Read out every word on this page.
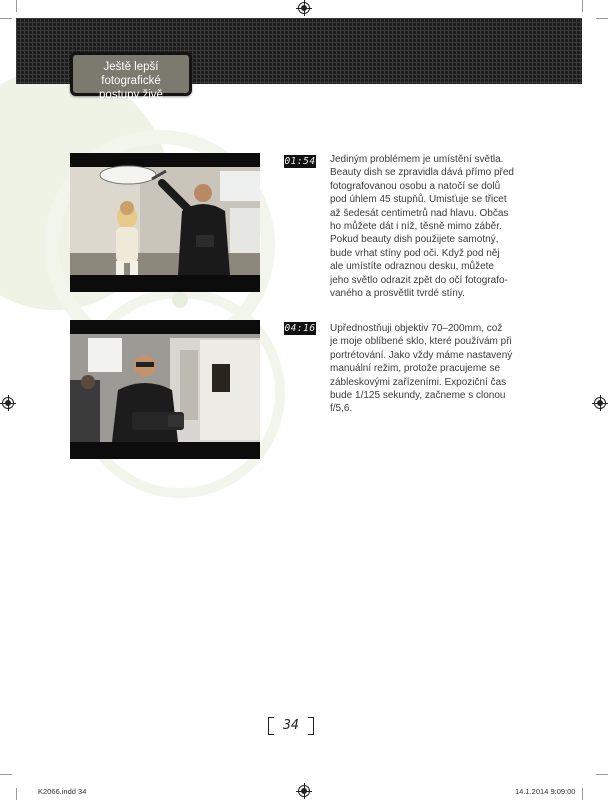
Ještě lepší fotografické
postupy živě
01:54 Jediným problémem je umístění světla.
Beauty dish se zpravidla dává přímo před
fotografovanou osobu a natočí se dolů
pod úhlem 45 stupňů. Umisťuje se třicet
až šedesát centimetrů nad hlavu. Občas
ho můžete dát i níž, těsně mimo záběr.
Pokud beauty dish použijete samotný,
bude vrhat stíny pod oči. Když pod něj
ale umístíte odraznou desku, můžete
jeho světlo odrazit zpět do očí fotografo-
vaného a prosvětlit tvrdé stíny.
04:16 Upřednostňuji objektiv 70–200mm, což
je moje oblíbené sklo, které používám při
portrétování. Jako vždy máme nastavený
manuální režim, protože pracujeme se
zábleskovými zařízeními. Expoziční čas
bude 1/125 sekundy, začneme s clonou
f/5,6.
34
K2066.indd 34	14.1.2014 9:09:00
